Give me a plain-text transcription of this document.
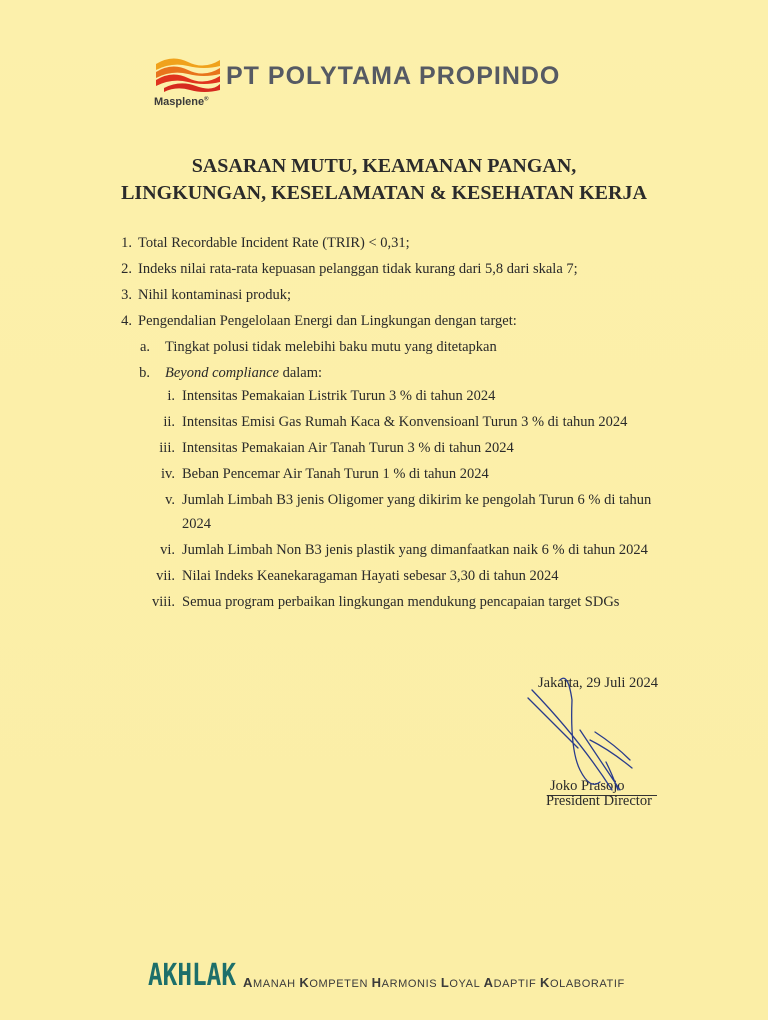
PT POLYTAMA PROPINDO
Masplene®
SASARAN MUTU, KEAMANAN PANGAN,
LINGKUNGAN, KESELAMATAN & KESEHATAN KERJA
1. Total Recordable Incident Rate (TRIR) < 0,31;
2. Indeks nilai rata-rata kepuasan pelanggan tidak kurang dari 5,8 dari skala 7;
3. Nihil kontaminasi produk;
4. Pengendalian Pengelolaan Energi dan Lingkungan dengan target:
a. Tingkat polusi tidak melebihi baku mutu yang ditetapkan
b. Beyond compliance dalam:
i. Intensitas Pemakaian Listrik Turun 3 % di tahun 2024
ii. Intensitas Emisi Gas Rumah Kaca & Konvensioanl Turun 3 % di tahun 2024
iii. Intensitas Pemakaian Air Tanah Turun 3 % di tahun 2024
iv. Beban Pencemar Air Tanah Turun 1 % di tahun 2024
v. Jumlah Limbah B3 jenis Oligomer yang dikirim ke pengolah Turun 6 % di tahun
2024
vi. Jumlah Limbah Non B3 jenis plastik yang dimanfaatkan naik 6 % di tahun 2024
vii. Nilai Indeks Keanekaragaman Hayati sebesar 3,30 di tahun 2024
viii. Semua program perbaikan lingkungan mendukung pencapaian target SDGs
Jakarta, 29 Juli 2024
Joko Prasojo
President Director
AKHLAK AMANAH KOMPETEN HARMONIS LOYAL ADAPTIF KOLABORATIF
